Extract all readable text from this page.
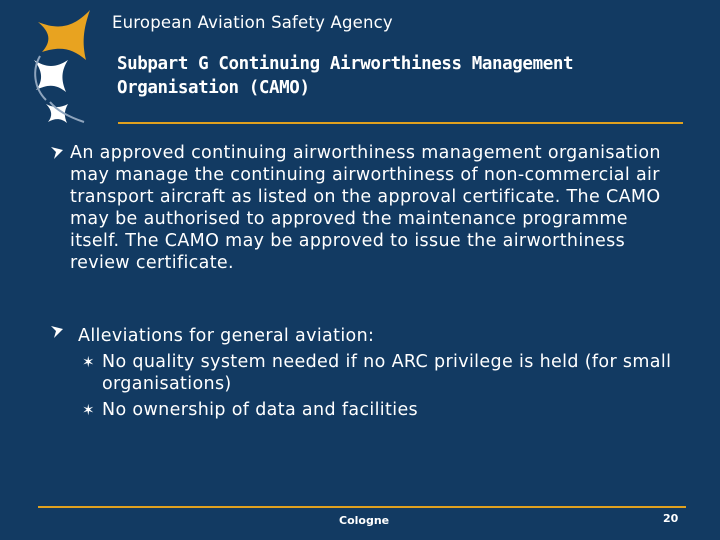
European Aviation Safety Agency
Subpart G Continuing Airworthiness Management Organisation (CAMO)
An approved continuing airworthiness management organisation may manage the continuing airworthiness of non-commercial air transport aircraft as listed on the approval certificate. The CAMO may be authorised to approved the maintenance programme itself. The CAMO may be approved to issue the airworthiness review certificate.
Alleviations for general aviation:
✶ No quality system needed if no ARC privilege is held (for small organisations)
✶ No ownership of data and facilities
Cologne	20
